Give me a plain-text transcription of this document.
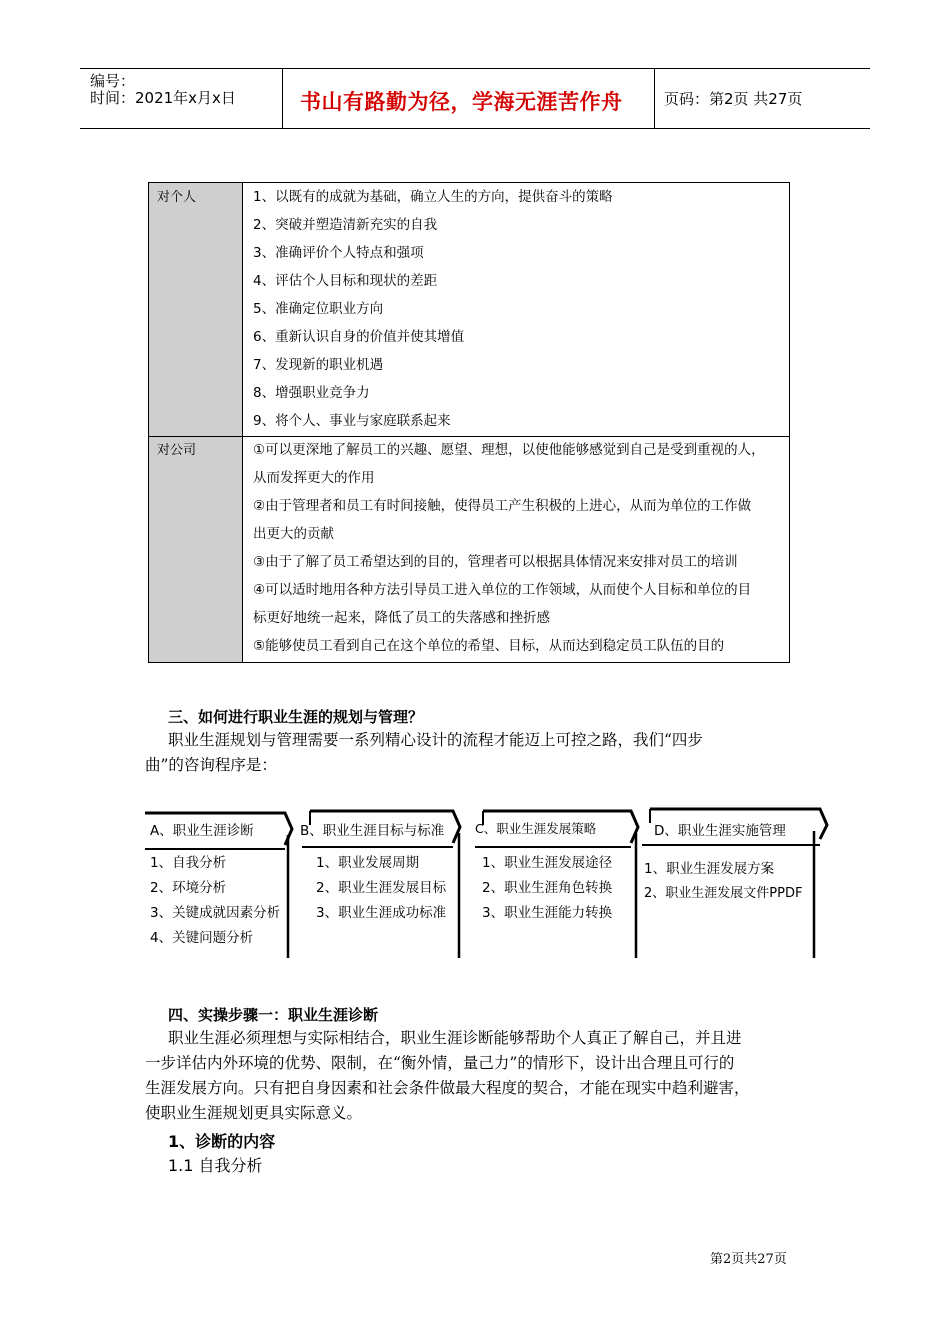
编号：
时间：2021年x月x日	书山有路勤为径，学海无涯苦作舟	页码：第2页 共27页
对个人	1、以既有的成就为基础，确立人生的方向，提供奋斗的策略
2、突破并塑造清新充实的自我
3、准确评价个人特点和强项
4、评估个人目标和现状的差距
5、准确定位职业方向
6、重新认识自身的价值并使其增值
7、发现新的职业机遇
8、增强职业竞争力
9、将个人、事业与家庭联系起来
对公司	①可以更深地了解员工的兴趣、愿望、理想，以使他能够感觉到自己是受到重视的人，
从而发挥更大的作用
②由于管理者和员工有时间接触，使得员工产生积极的上进心，从而为单位的工作做
出更大的贡献
③由于了解了员工希望达到的目的，管理者可以根据具体情况来安排对员工的培训
④可以适时地用各种方法引导员工进入单位的工作领域，从而使个人目标和单位的目
标更好地统一起来，降低了员工的失落感和挫折感
⑤能够使员工看到自己在这个单位的希望、目标，从而达到稳定员工队伍的目的
三、如何进行职业生涯的规划与管理？
职业生涯规划与管理需要一系列精心设计的流程才能迈上可控之路，我们“四步
曲”的咨询程序是：
A、职业生涯诊断
1、自我分析
2、环境分析
3、关键成就因素分析
4、关键问题分析
B、职业生涯目标与标准
1、职业发展周期
2、职业生涯发展目标
3、职业生涯成功标准
C、职业生涯发展策略
1、职业生涯发展途径
2、职业生涯角色转换
3、职业生涯能力转换
D、职业生涯实施管理
1、职业生涯发展方案
2、职业生涯发展文件PPDF
四、实操步骤一：职业生涯诊断
职业生涯必须理想与实际相结合，职业生涯诊断能够帮助个人真正了解自己，并且进
一步详估内外环境的优势、限制，在“衡外情，量己力”的情形下，设计出合理且可行的
生涯发展方向。只有把自身因素和社会条件做最大程度的契合，才能在现实中趋利避害，
使职业生涯规划更具实际意义。
1、诊断的内容
1.1 自我分析
第2页共27页
